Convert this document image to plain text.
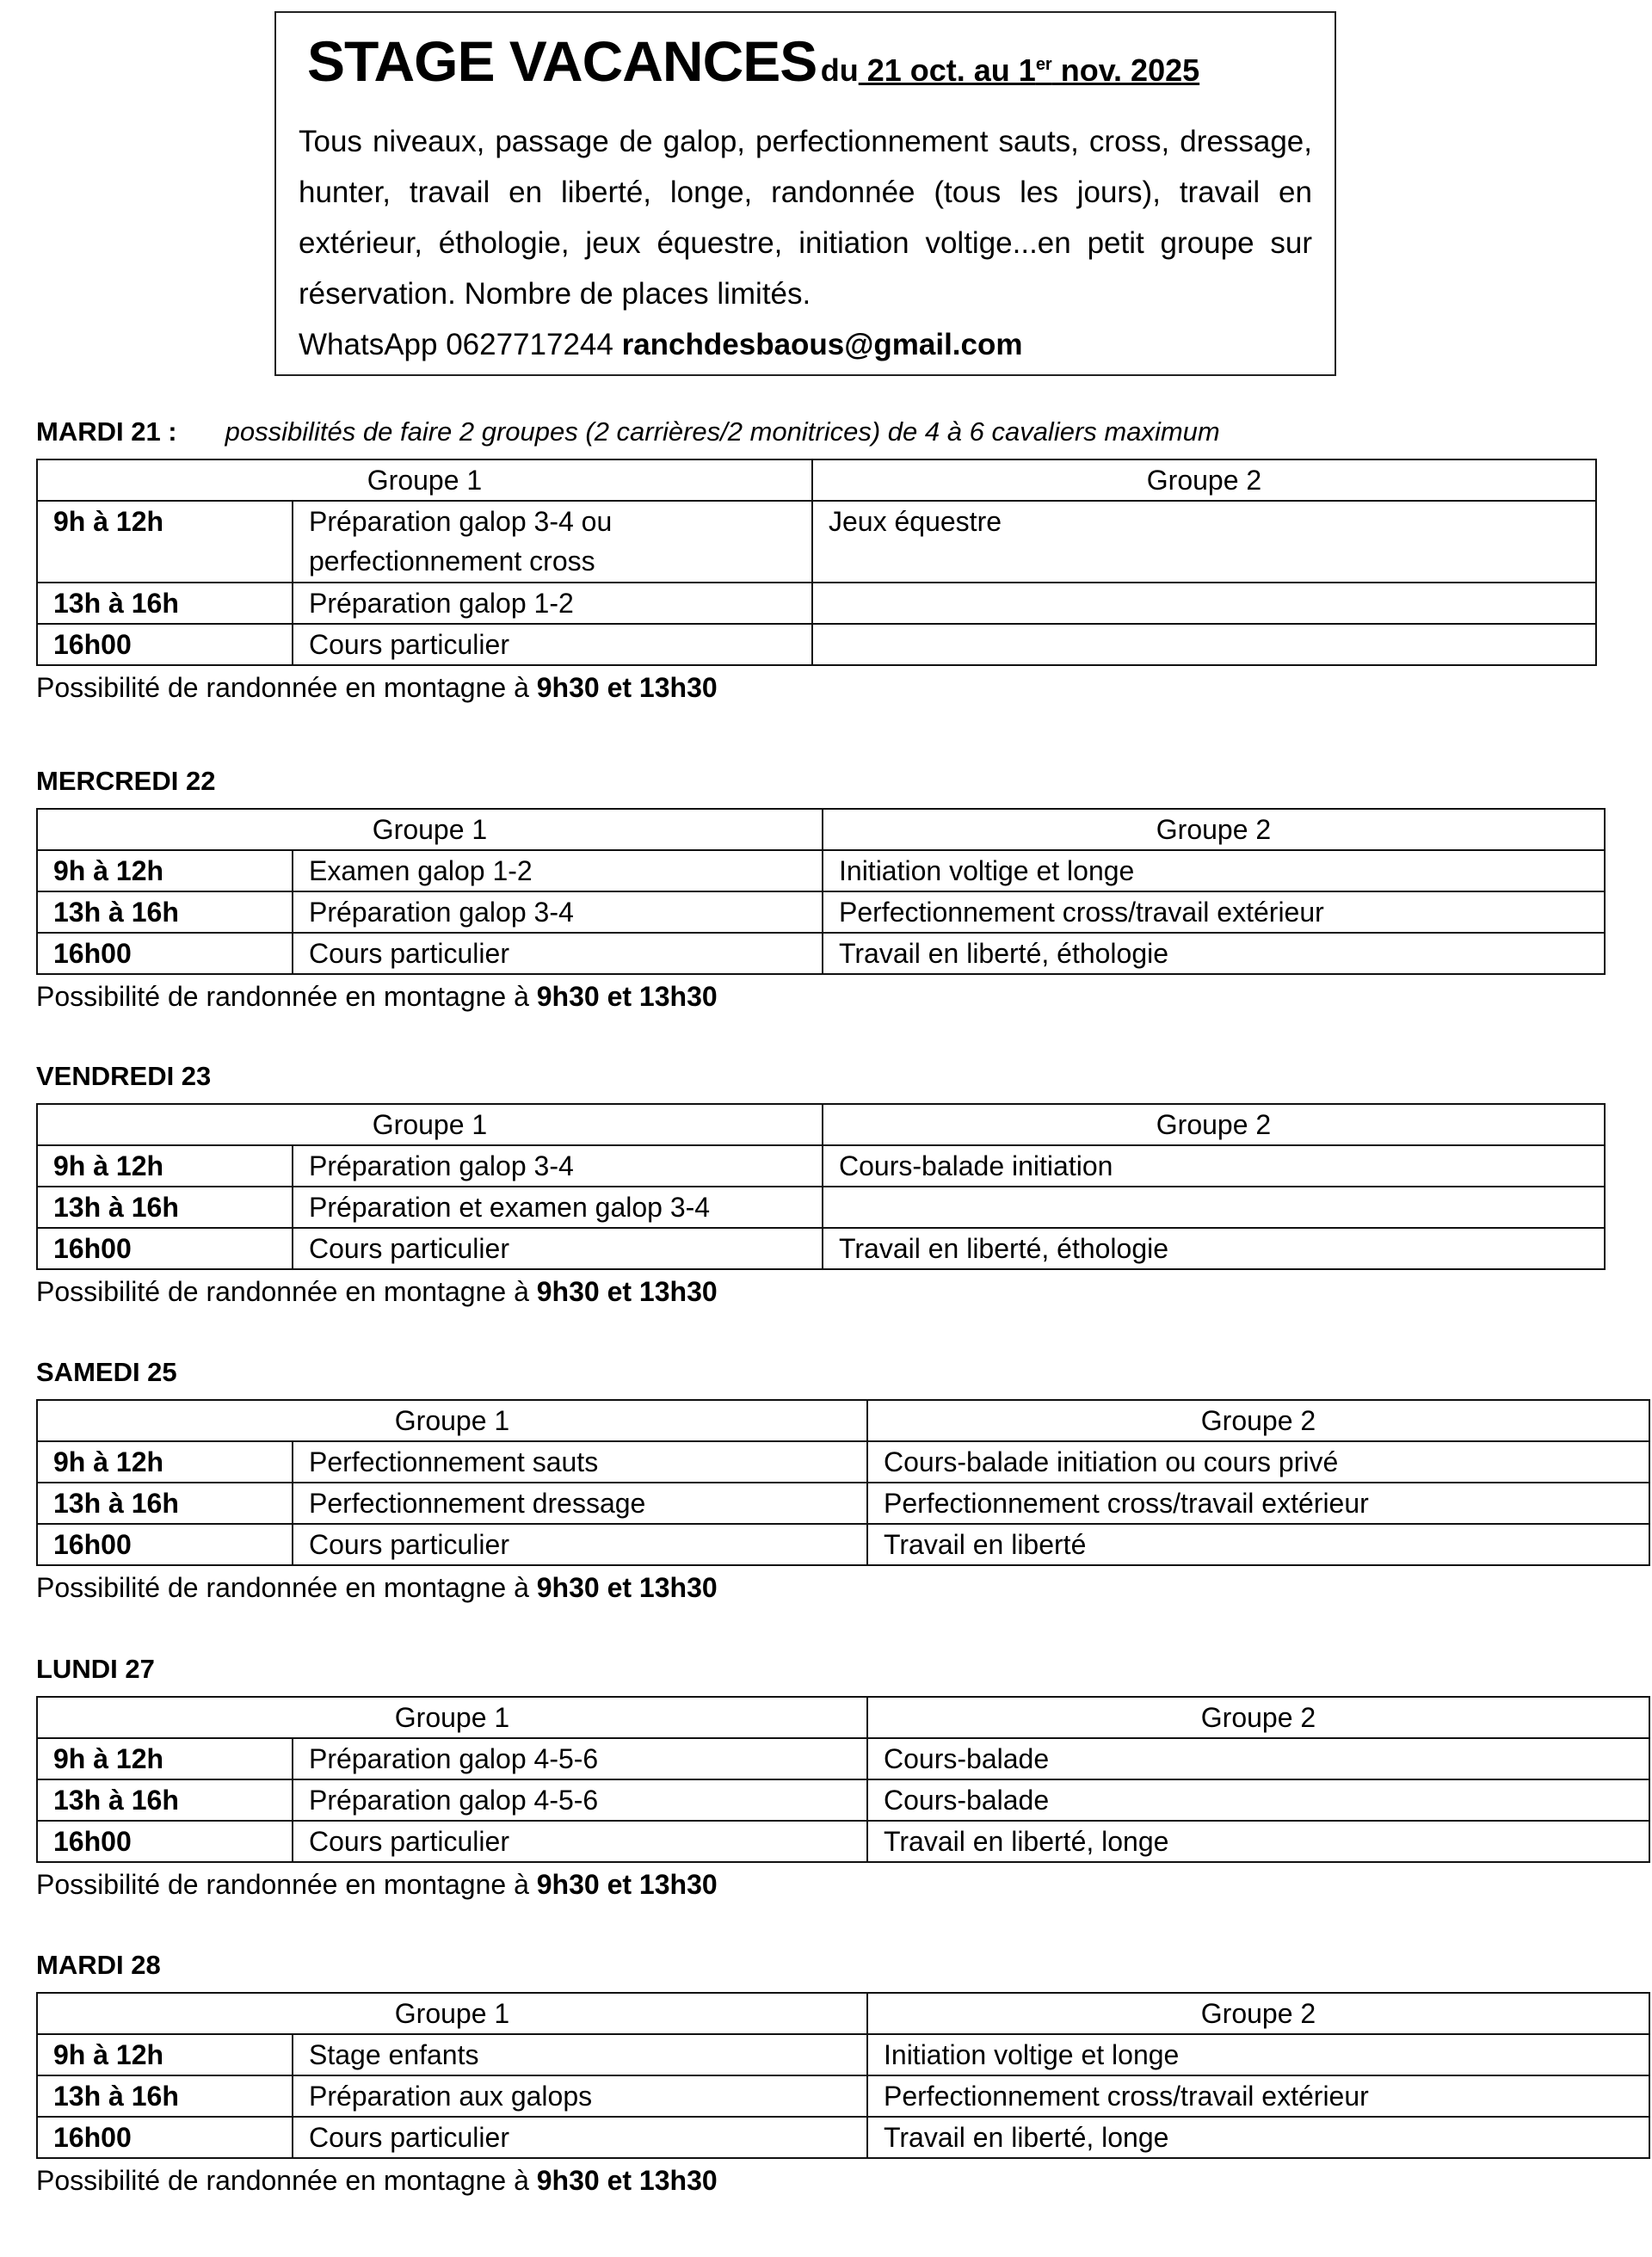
STAGE VACANCES du 21 oct. au 1er nov. 2025
Tous niveaux, passage de galop, perfectionnement sauts, cross, dressage, hunter, travail en liberté, longe, randonnée (tous les jours), travail en extérieur, éthologie, jeux équestre, initiation voltige...en petit groupe sur réservation. Nombre de places limités.
WhatsApp 0627717244 ranchdesbaous@gmail.com
MARDI 21 : possibilités de faire 2 groupes (2 carrières/2 monitrices) de 4 à 6 cavaliers maximum
Groupe 1		Groupe 2
9h à 12h	Préparation galop 3-4 ou perfectionnement cross	Jeux équestre
13h à 16h	Préparation galop 1-2	
16h00	Cours particulier	
Possibilité de randonnée en montagne à 9h30 et 13h30
MERCREDI 22
Groupe 1		Groupe 2
9h à 12h	Examen galop 1-2	Initiation voltige et longe
13h à 16h	Préparation galop 3-4	Perfectionnement cross/travail extérieur
16h00	Cours particulier	Travail en liberté, éthologie
Possibilité de randonnée en montagne à 9h30 et 13h30
VENDREDI 23
Groupe 1		Groupe 2
9h à 12h	Préparation galop 3-4	Cours-balade initiation
13h à 16h	Préparation et examen galop 3-4	
16h00	Cours particulier	Travail en liberté, éthologie
Possibilité de randonnée en montagne à 9h30 et 13h30
SAMEDI 25
Groupe 1		Groupe 2
9h à 12h	Perfectionnement sauts	Cours-balade initiation ou cours privé
13h à 16h	Perfectionnement dressage	Perfectionnement cross/travail extérieur
16h00	Cours particulier	Travail en liberté
Possibilité de randonnée en montagne à 9h30 et 13h30
LUNDI 27
Groupe 1		Groupe 2
9h à 12h	Préparation galop 4-5-6	Cours-balade
13h à 16h	Préparation galop 4-5-6	Cours-balade
16h00	Cours particulier	Travail en liberté, longe
Possibilité de randonnée en montagne à 9h30 et 13h30
MARDI 28
Groupe 1		Groupe 2
9h à 12h	Stage enfants	Initiation voltige et longe
13h à 16h	Préparation aux galops	Perfectionnement cross/travail extérieur
16h00	Cours particulier	Travail en liberté, longe
Possibilité de randonnée en montagne à 9h30 et 13h30
